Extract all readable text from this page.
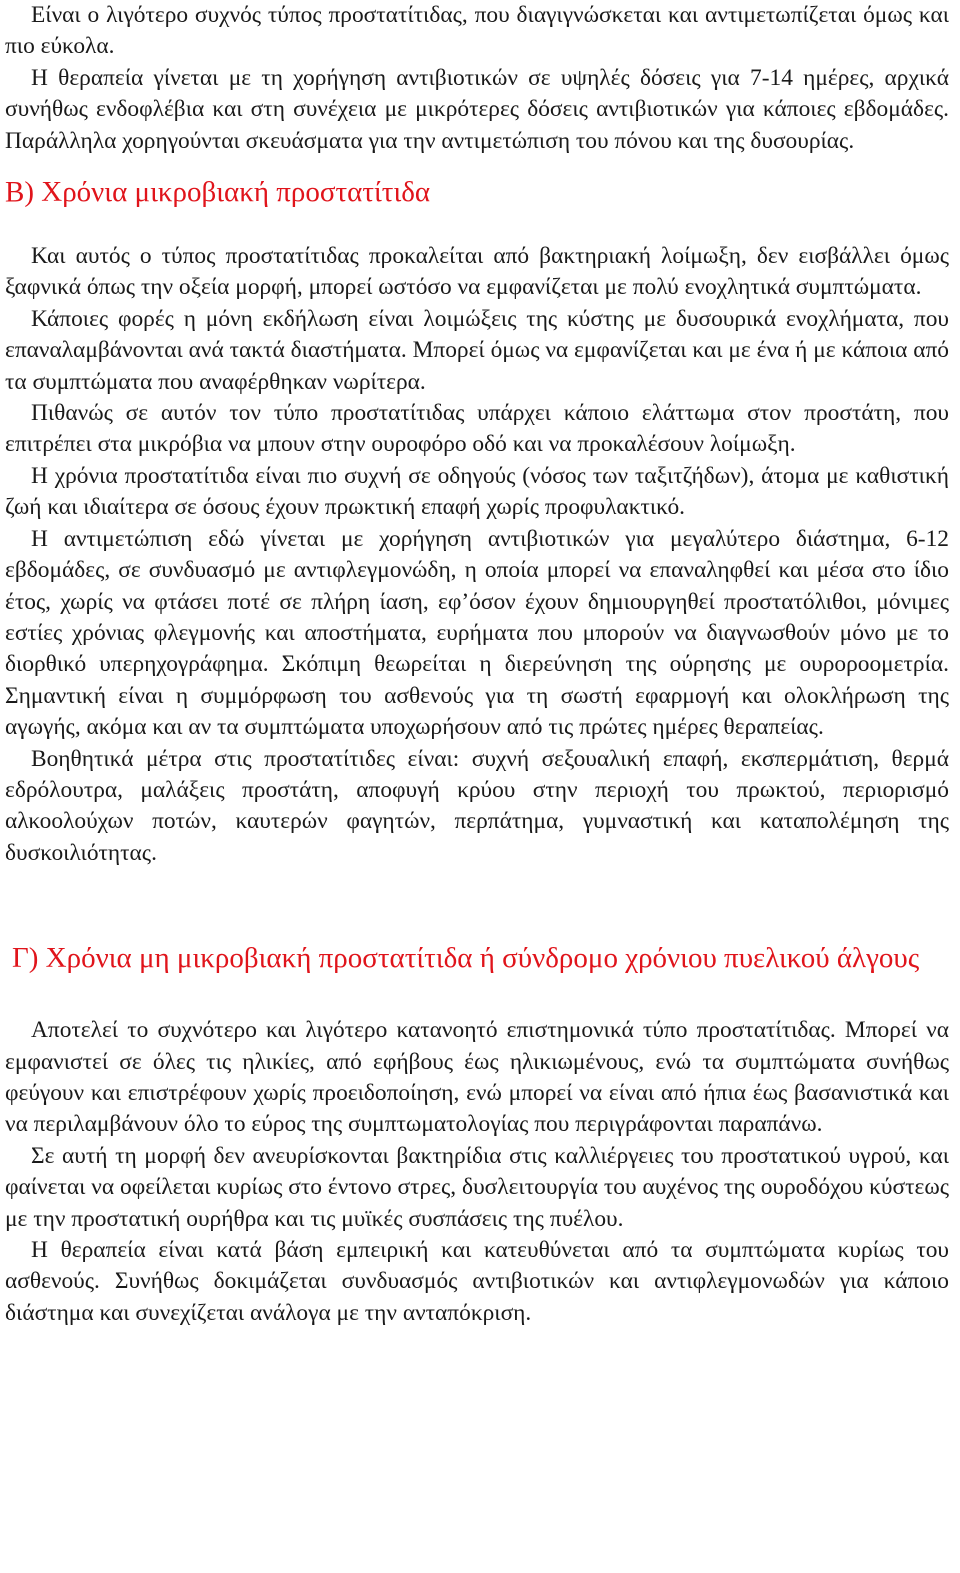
Είναι ο λιγότερο συχνός τύπος προστατίτιδας, που διαγιγνώσκεται και αντιμετωπίζεται όμως και πιο εύκολα.

Η θεραπεία γίνεται με τη χορήγηση αντιβιοτικών σε υψηλές δόσεις για 7-14 ημέρες, αρχικά συνήθως ενδοφλέβια και στη συνέχεια με μικρότερες δόσεις αντιβιοτικών για κάποιες εβδομάδες. Παράλληλα χορηγούνται σκευάσματα για την αντιμετώπιση του πόνου και της δυσουρίας.

Β) Χρόνια μικροβιακή προστατίτιδα

Και αυτός ο τύπος προστατίτιδας προκαλείται από βακτηριακή λοίμωξη, δεν εισβάλλει όμως ξαφνικά όπως την οξεία μορφή, μπορεί ωστόσο να εμφανίζεται με πολύ ενοχλητικά συμπτώματα.

Κάποιες φορές η μόνη εκδήλωση είναι λοιμώξεις της κύστης με δυσουρικά ενοχλήματα, που επαναλαμβάνονται ανά τακτά διαστήματα. Μπορεί όμως να εμφανίζεται και με ένα ή με κάποια από τα συμπτώματα που αναφέρθηκαν νωρίτερα.

Πιθανώς σε αυτόν τον τύπο προστατίτιδας υπάρχει κάποιο ελάττωμα στον προστάτη, που επιτρέπει στα μικρόβια να μπουν στην ουροφόρο οδό και να προκαλέσουν λοίμωξη.

Η χρόνια προστατίτιδα είναι πιο συχνή σε οδηγούς (νόσος των ταξιτζήδων), άτομα με καθιστική ζωή και ιδιαίτερα σε όσους έχουν πρωκτική επαφή χωρίς προφυλακτικό.

Η αντιμετώπιση εδώ γίνεται με χορήγηση αντιβιοτικών για μεγαλύτερο διάστημα, 6-12 εβδομάδες, σε συνδυασμό με αντιφλεγμονώδη, η οποία μπορεί να επαναληφθεί και μέσα στο ίδιο έτος, χωρίς να φτάσει ποτέ σε πλήρη ίαση, εφ’όσον έχουν δημιουργηθεί προστατόλιθοι, μόνιμες εστίες χρόνιας φλεγμονής και αποστήματα, ευρήματα που μπορούν να διαγνωσθούν μόνο με το διορθικό υπερηχογράφημα. Σκόπιμη θεωρείται η διερεύνηση της ούρησης με ουροροομετρία. Σημαντική είναι η συμμόρφωση του ασθενούς για τη σωστή εφαρμογή και ολοκλήρωση της αγωγής, ακόμα και αν τα συμπτώματα υποχωρήσουν από τις πρώτες ημέρες θεραπείας.

Βοηθητικά μέτρα στις προστατίτιδες είναι: συχνή σεξουαλική επαφή, εκσπερμάτιση, θερμά εδρόλουτρα, μαλάξεις προστάτη, αποφυγή κρύου στην περιοχή του πρωκτού, περιορισμό αλκοολούχων ποτών, καυτερών φαγητών, περπάτημα, γυμναστική και καταπολέμηση της δυσκοιλιότητας.

Γ) Χρόνια μη μικροβιακή προστατίτιδα ή σύνδρομο χρόνιου πυελικού άλγους

Αποτελεί το συχνότερο και λιγότερο κατανοητό επιστημονικά τύπο προστατίτιδας. Μπορεί να εμφανιστεί σε όλες τις ηλικίες, από εφήβους έως ηλικιωμένους, ενώ τα συμπτώματα συνήθως φεύγουν και επιστρέφουν χωρίς προειδοποίηση, ενώ μπορεί να είναι από ήπια έως βασανιστικά και να περιλαμβάνουν όλο το εύρος της συμπτωματολογίας που περιγράφονται παραπάνω.

Σε αυτή τη μορφή δεν ανευρίσκονται βακτηρίδια στις καλλιέργειες του προστατικού υγρού, και φαίνεται να οφείλεται κυρίως στο έντονο στρες, δυσλειτουργία του αυχένος της ουροδόχου κύστεως με την προστατική ουρήθρα και τις μυϊκές συσπάσεις της πυέλου.

Η θεραπεία είναι κατά βάση εμπειρική και κατευθύνεται από τα συμπτώματα κυρίως του ασθενούς. Συνήθως δοκιμάζεται συνδυασμός αντιβιοτικών και αντιφλεγμονωδών για κάποιο διάστημα και συνεχίζεται ανάλογα με την ανταπόκριση.
